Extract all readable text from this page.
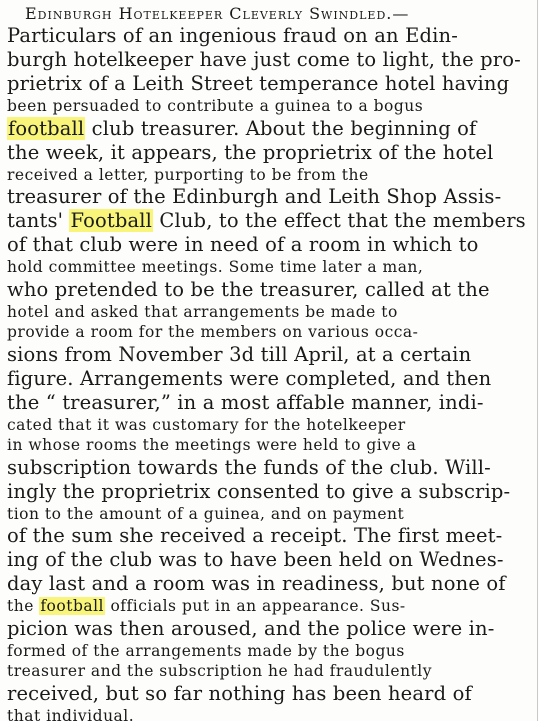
Edinburgh Hotelkeeper Cleverly Swindled.—
Particulars of an ingenious fraud on an Edin-
burgh hotelkeeper have just come to light, the pro-
prietrix of a Leith Street temperance hotel having
been persuaded to contribute a guinea to a bogus
football club treasurer. About the beginning of
the week, it appears, the proprietrix of the hotel
received a letter, purporting to be from the
treasurer of the Edinburgh and Leith Shop Assis-
tants' Football Club, to the effect that the members
of that club were in need of a room in which to
hold committee meetings. Some time later a man,
who pretended to be the treasurer, called at the
hotel and asked that arrangements be made to
provide a room for the members on various occa-
sions from November 3d till April, at a certain
figure. Arrangements were completed, and then
the “ treasurer,” in a most affable manner, indi-
cated that it was customary for the hotelkeeper
in whose rooms the meetings were held to give a
subscription towards the funds of the club. Will-
ingly the proprietrix consented to give a subscrip-
tion to the amount of a guinea, and on payment
of the sum she received a receipt. The first meet-
ing of the club was to have been held on Wednes-
day last and a room was in readiness, but none of
the football officials put in an appearance. Sus-
picion was then aroused, and the police were in-
formed of the arrangements made by the bogus
treasurer and the subscription he had fraudulently
received, but so far nothing has been heard of
that individual.
